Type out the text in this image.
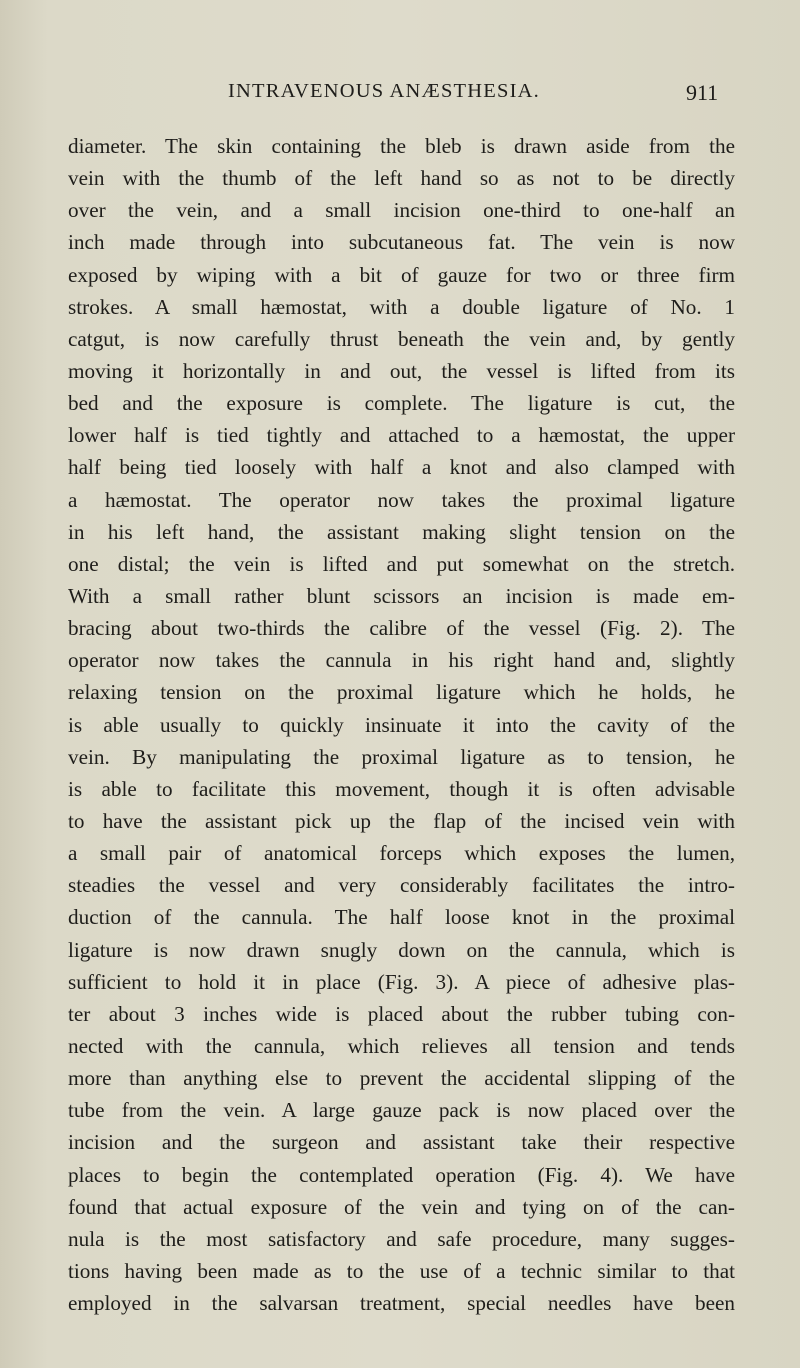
INTRAVENOUS ANÆSTHESIA.	911
diameter. The skin containing the bleb is drawn aside from the
vein with the thumb of the left hand so as not to be directly
over the vein, and a small incision one-third to one-half an
inch made through into subcutaneous fat. The vein is now
exposed by wiping with a bit of gauze for two or three firm
strokes. A small hæmostat, with a double ligature of No. 1
catgut, is now carefully thrust beneath the vein and, by gently
moving it horizontally in and out, the vessel is lifted from its
bed and the exposure is complete. The ligature is cut, the
lower half is tied tightly and attached to a hæmostat, the upper
half being tied loosely with half a knot and also clamped with
a hæmostat. The operator now takes the proximal ligature
in his left hand, the assistant making slight tension on the
one distal; the vein is lifted and put somewhat on the stretch.
With a small rather blunt scissors an incision is made em-
bracing about two-thirds the calibre of the vessel (Fig. 2). The
operator now takes the cannula in his right hand and, slightly
relaxing tension on the proximal ligature which he holds, he
is able usually to quickly insinuate it into the cavity of the
vein. By manipulating the proximal ligature as to tension, he
is able to facilitate this movement, though it is often advisable
to have the assistant pick up the flap of the incised vein with
a small pair of anatomical forceps which exposes the lumen,
steadies the vessel and very considerably facilitates the intro-
duction of the cannula. The half loose knot in the proximal
ligature is now drawn snugly down on the cannula, which is
sufficient to hold it in place (Fig. 3). A piece of adhesive plas-
ter about 3 inches wide is placed about the rubber tubing con-
nected with the cannula, which relieves all tension and tends
more than anything else to prevent the accidental slipping of the
tube from the vein. A large gauze pack is now placed over the
incision and the surgeon and assistant take their respective
places to begin the contemplated operation (Fig. 4). We have
found that actual exposure of the vein and tying on of the can-
nula is the most satisfactory and safe procedure, many sugges-
tions having been made as to the use of a technic similar to that
employed in the salvarsan treatment, special needles have been
